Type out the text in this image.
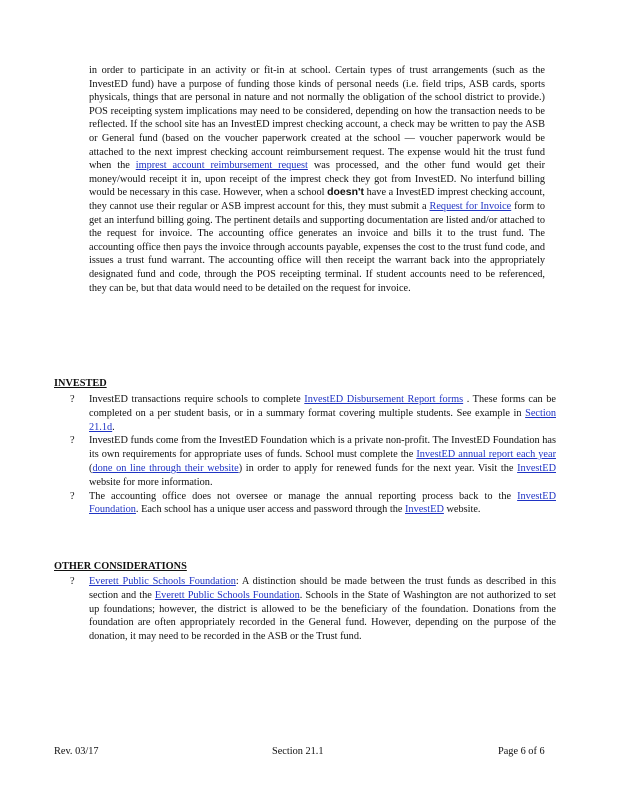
in order to participate in an activity or fit-in at school. Certain types of trust arrangements (such as the InvestED fund) have a purpose of funding those kinds of personal needs (i.e. field trips, ASB cards, sports physicals, things that are personal in nature and not normally the obligation of the school district to provide.) POS receipting system implications may need to be considered, depending on how the transaction needs to be reflected. If the school site has an InvestED imprest checking account, a check may be written to pay the ASB or General fund (based on the voucher paperwork created at the school — voucher paperwork would be attached to the next imprest checking account reimbursement request. The expense would hit the trust fund when the imprest account reimbursement request was processed, and the other fund would get their money/would receipt it in, upon receipt of the imprest check they got from InvestED. No interfund billing would be necessary in this case. However, when a school doesn't have a InvestED imprest checking account, they cannot use their regular or ASB imprest account for this, they must submit a Request for Invoice form to get an interfund billing going. The pertinent details and supporting documentation are listed and/or attached to the request for invoice. The accounting office generates an invoice and bills it to the trust fund. The accounting office then pays the invoice through accounts payable, expenses the cost to the trust fund code, and issues a trust fund warrant. The accounting office will then receipt the warrant back into the appropriately designated fund and code, through the POS receipting terminal. If student accounts need to be referenced, they can be, but that data would need to be detailed on the request for invoice.

INVESTED
? InvestED transactions require schools to complete InvestED Disbursement Report forms . These forms can be completed on a per student basis, or in a summary format covering multiple students. See example in Section 21.1d.
? InvestED funds come from the InvestED Foundation which is a private non-profit. The InvestED Foundation has its own requirements for appropriate uses of funds. School must complete the InvestED annual report each year (done on line through their website) in order to apply for renewed funds for the next year. Visit the InvestED website for more information.
? The accounting office does not oversee or manage the annual reporting process back to the InvestED Foundation. Each school has a unique user access and password through the InvestED website.
OTHER CONSIDERATIONS
? Everett Public Schools Foundation: A distinction should be made between the trust funds as described in this section and the Everett Public Schools Foundation. Schools in the State of Washington are not authorized to set up foundations; however, the district is allowed to be the beneficiary of the foundation. Donations from the foundation are often appropriately recorded in the General fund. However, depending on the purpose of the donation, it may need to be recorded in the ASB or the Trust fund.
Rev. 03/17	Section 21.1	Page 6 of 6
